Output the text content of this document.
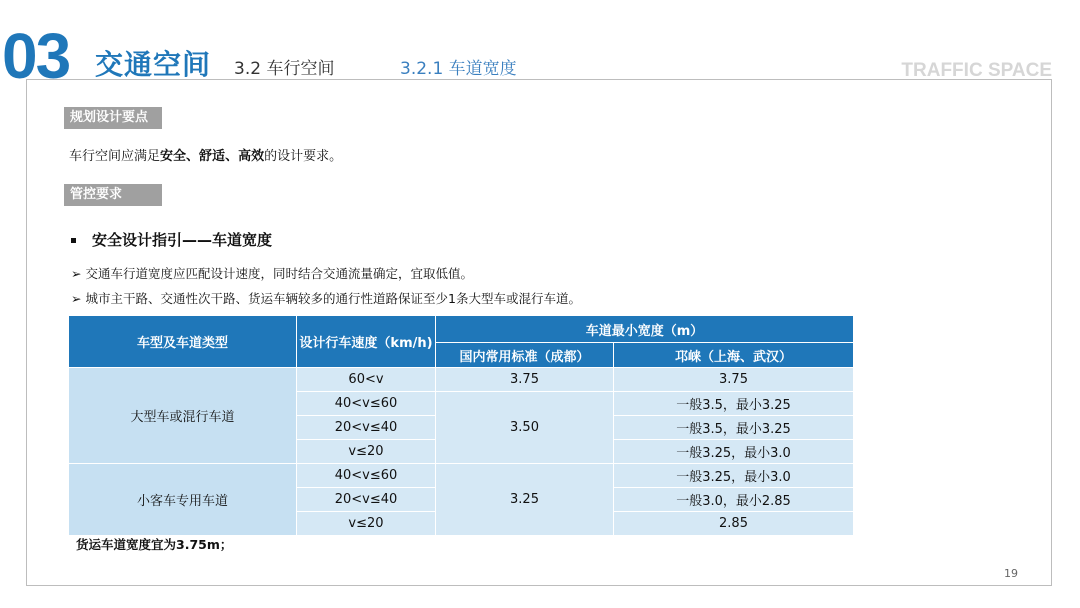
03 交通空间 3.2 车行空间	3.2.1 车道宽度	TRAFFIC SPACE
规划设计要点
车行空间应满足安全、舒适、高效的设计要求。
管控要求
安全设计指引——车道宽度
➢ 交通车行道宽度应匹配设计速度，同时结合交通流量确定，宜取低值。
➢ 城市主干路、交通性次干路、货运车辆较多的通行性道路保证至少1条大型车或混行车道。
车型及车道类型	设计行车速度（km/h)	车道最小宽度（m）	
		国内常用标准（成都）	邛崃（上海、武汉）
大型车或混行车道	60<v	3.75	3.75
	40<v≤60	3.50	一般3.5，最小3.25
	20<v≤40		一般3.5，最小3.25
	v≤20		一般3.25，最小3.0
小客车专用车道	40<v≤60	3.25	一般3.25，最小3.0
	20<v≤40		一般3.0，最小2.85
	v≤20		2.85
货运车道宽度宜为3.75m；
19
